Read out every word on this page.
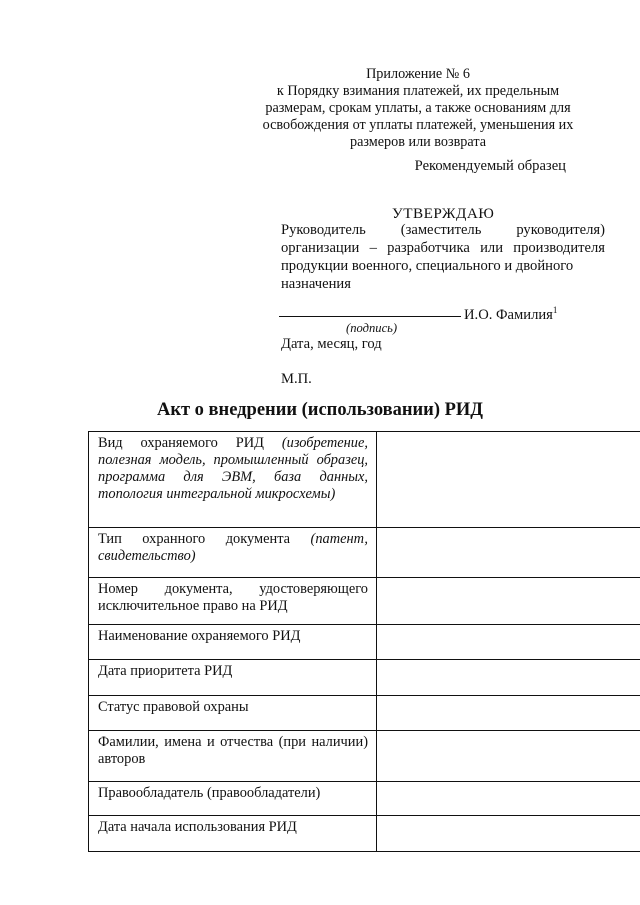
Приложение № 6
к Порядку взимания платежей, их предельным размерам, срокам уплаты, а также основаниям для освобождения от уплаты платежей, уменьшения их размеров или возврата
Рекомендуемый образец
УТВЕРЖДАЮ
Руководитель (заместитель руководителя) организации – разработчика или производителя продукции военного, специального и двойного
назначения
И.О. Фамилия$^1$
(подпись)
Дата, месяц, год
М.П.
Акт о внедрении (использовании) РИД
Вид охраняемого РИД (изобретение, полезная модель, промышленный образец, программа для ЭВМ, база данных, топология интегральной микросхемы)	
Тип охранного документа (патент, свидетельство)	
Номер документа, удостоверяющего исключительное право на РИД	
Наименование охраняемого РИД	
Дата приоритета РИД	
Статус правовой охраны	
Фамилии, имена и отчества (при наличии) авторов	
Правообладатель (правообладатели)	
Дата начала использования РИД	
